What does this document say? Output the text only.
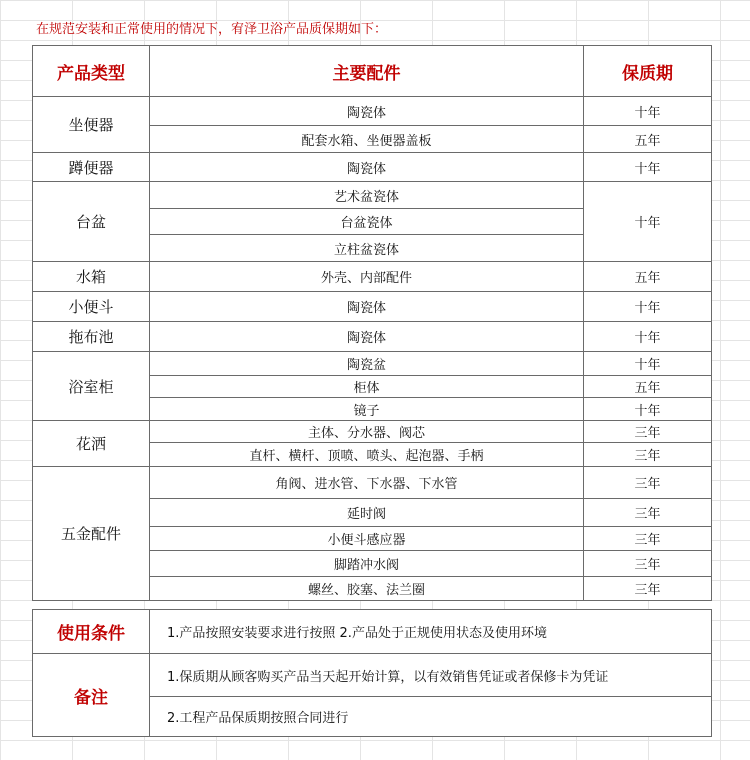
在规范安装和正常使用的情况下，宥泽卫浴产品质保期如下：
产品类型	主要配件	保质期
坐便器	陶瓷体	十年
	配套水箱、坐便器盖板	五年
蹲便器	陶瓷体	十年
台盆	艺术盆瓷体	十年
	台盆瓷体	
	立柱盆瓷体	
水箱	外壳、内部配件	五年
小便斗	陶瓷体	十年
拖布池	陶瓷体	十年
浴室柜	陶瓷盆	十年
	柜体	五年
	镜子	十年
花洒	主体、分水器、阀芯	三年
	直杆、横杆、顶喷、喷头、起泡器、手柄	三年
五金配件	角阀、进水管、下水器、下水管	三年
	延时阀	三年
	小便斗感应器	三年
	脚踏冲水阀	三年
	螺丝、胶塞、法兰圈	三年
使用条件	1.产品按照安装要求进行按照 2.产品处于正规使用状态及使用环境
备注	1.保质期从顾客购买产品当天起开始计算，以有效销售凭证或者保修卡为凭证
	2.工程产品保质期按照合同进行
